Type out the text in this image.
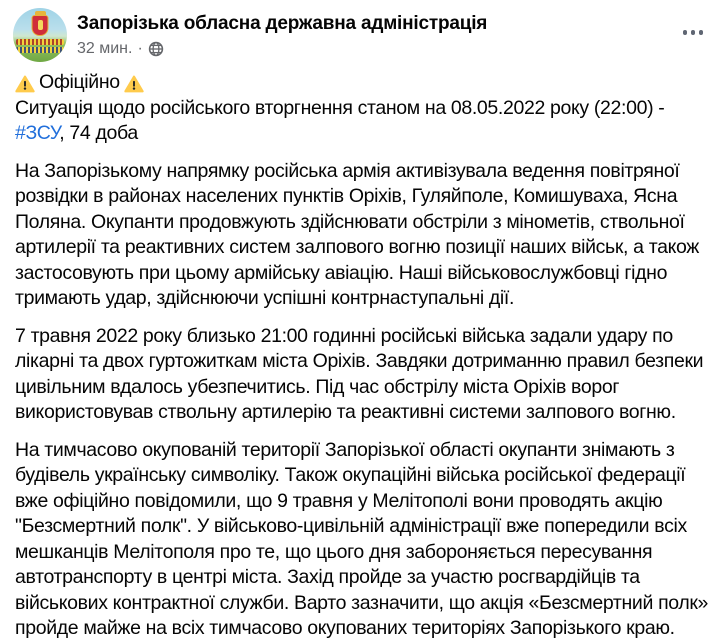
Запорізька обласна державна адміністрація
32 мин. ·

Офіційно
Ситуація щодо російського вторгнення станом на 08.05.2022 року (22:00) - #ЗСУ, 74 доба

На Запорізькому напрямку російська армія активізувала ведення повітряної розвідки в районах населених пунктів Оріхів, Гуляйполе, Комишуваха, Ясна Поляна. Окупанти продовжують здійснювати обстріли з мінометів, ствольної артилерії та реактивних систем залпового вогню позиції наших військ, а також застосовують при цьому армійську авіацію. Наші військовослужбовці гідно тримають удар, здійснюючи успішні контрнаступальні дії.

7 травня 2022 року близько 21:00 годинні російські війська задали удару по лікарні та двох гуртожиткам міста Оріхів. Завдяки дотриманню правил безпеки цивільним вдалось убезпечитись. Під час обстрілу міста Оріхів ворог використовував ствольну артилерію та реактивні системи залпового вогню.

На тимчасово окупованій території Запорізької області окупанти знімають з будівель українську символіку. Також окупаційні війська російської федерації вже офіційно повідомили, що 9 травня у Мелітополі вони проводять акцію "Безсмертний полк". У військово-цивільній адміністрації вже попередили всіх мешканців Мелітополя про те, що цього дня забороняється пересування автотранспорту в центрі міста. Захід пройде за участю росгвардійців та військових контрактної служби. Варто зазначити, що акція «Безсмертний полк» пройде майже на всіх тимчасово окупованих територіях Запорізького краю.
